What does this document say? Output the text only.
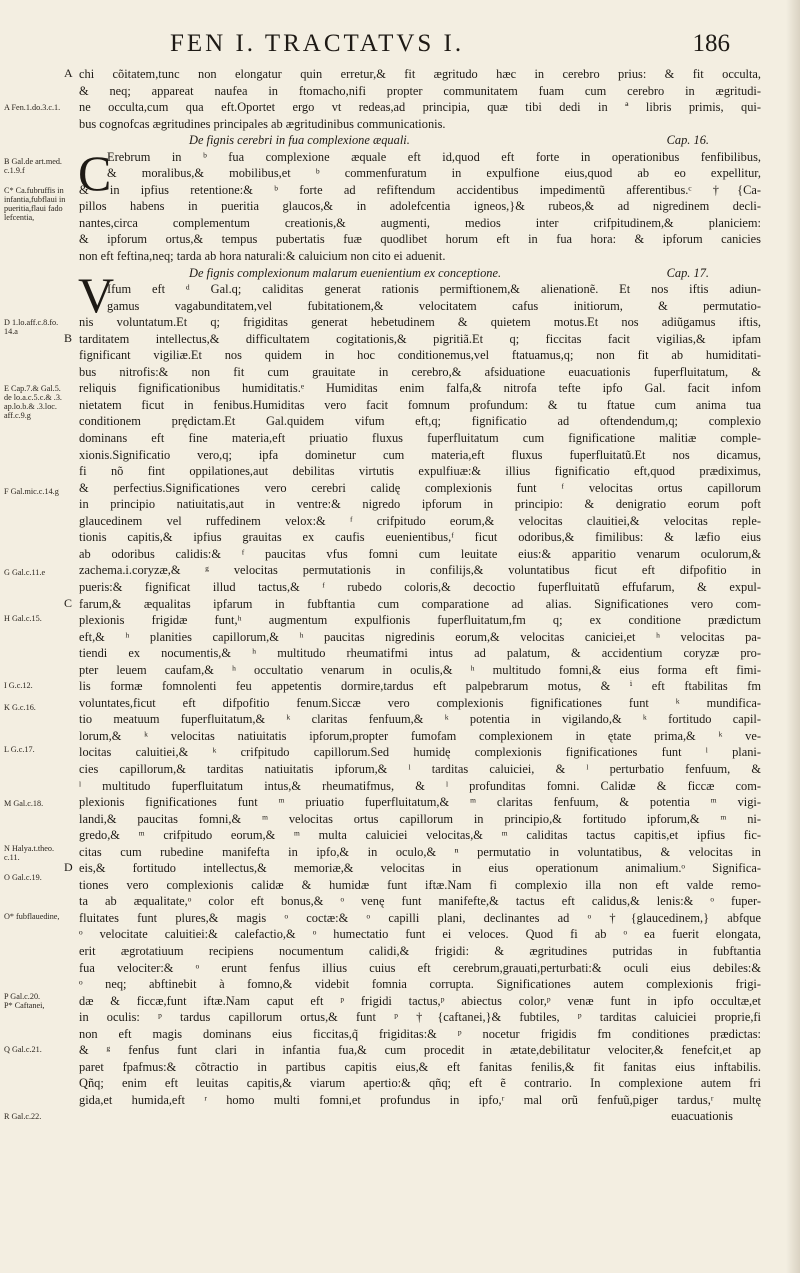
FEN I. TRACTATVS I.	186
A
B
C
D
A Fen.1.do.3.c.1.
B Gal.de art.med.
c.1.9.f
C* Ca.fubruffis in
infantia,fubflaui in
pueritia,flaui fado
lefcentia,
D 1.lo.aff.c.8.fo.
14.a
E Cap.7.& Gal.5.
de lo.a.c.5.c.& .3.
ap.lo.b.& .3.loc.
aff.c.9.g
F Gal.mic.c.14.g
G Gal.c.11.e
H Gal.c.15.
I G.c.12.
K G.c.16.
L G.c.17.
M Gal.c.18.
N Halya.t.theo.
c.11.
O Gal.c.19.
O* fubflauedine,
P Gal.c.20.
P* Caftanei,
Q Gal.c.21.
R Gal.c.22.
chi cõitatem,tunc non elongatur quin erretur,& fit ægritudo hæc in cerebro prius: & fit occulta,
& neq; appareat naufea in ftomacho,nifi propter communitatem fuam cum cerebro in ægritudi-
ne occulta,cum qua eft.Oportet ergo vt redeas,ad principia, quæ tibi dedi in ª libris primis, qui-
bus cognofcas ægritudines principales ab ægritudinibus communicationis.
De fignis cerebri in fua complexione æquali.	Cap. 16.
Erebrum in ᵇ fua complexione æquale eft id,quod eft forte in operationibus fenfibilibus,
& moralibus,& mobilibus,et ᵇ commenfuratum in expulfione eius,quod ab eo expellitur,
& in ipfius retentione:& ᵇ forte ad refiftendum accidentibus impedimentũ afferentibus.ᶜ †{Ca-
pillos habens in pueritia glaucos,& in adolefcentia igneos,}& rubeos,& ad nigredinem decli-
nantes,circa complementum creationis,& augmenti, medios inter crifpitudinem,& planiciem:
& ipforum ortus,& tempus pubertatis fuæ quodlibet horum eft in fua hora: & ipforum canicies
non eft feftina,neq; tarda ab hora naturali:& caluicium non cito ei aduenit.
De fignis complexionum malarum euenientium ex conceptione.	Cap. 17.
Ifum eft ᵈ Gal.q; caliditas generat rationis permiftionem,& alienationẽ. Et nos iftis adiun-
gamus vagabunditatem,vel fubitationem,& velocitatem cafus initiorum, & permutatio-
nis voluntatum.Et q; frigiditas generat hebetudinem & quietem motus.Et nos adiũgamus iftis,
tarditatem intellectus,& difficultatem cogitationis,& pigritiã.Et q; ficcitas facit vigilias,& ipfam
fignificant vigiliæ.Et nos quidem in hoc conditionemus,vel ftatuamus,q; non fit ab humiditati-
bus nitrofis:& non fit cum grauitate in cerebro,& afsiduatione euacuationis fuperfluitatum, &
reliquis fignificationibus humiditatis.ᵉ Humiditas enim falfa,& nitrofa tefte ipfo Gal. facit infom
nietatem ficut in fenibus.Humiditas vero facit fomnum profundum: & tu ftatue cum anima tua
conditionem prędictam.Et Gal.quidem vifum eft,q; fignificatio ad oftendendum,q; complexio
dominans eft fine materia,eft priuatio fluxus fuperfluitatum cum fignificatione malitiæ comple-
xionis.Significatio vero,q; ipfa dominetur cum materia,eft fluxus fuperfluitatũ.Et nos dicamus,
fi nõ fint oppilationes,aut debilitas virtutis expulfiuæ:& illius fignificatio eft,quod prædiximus,
& perfectius.Significationes vero cerebri calidę complexionis funt ᶠ velocitas ortus capillorum
in principio natiuitatis,aut in ventre:& nigredo ipforum in principio: & denigratio eorum poft
glaucedinem vel ruffedinem velox:& ᶠ crifpitudo eorum,& velocitas clauitiei,& velocitas reple-
tionis capitis,& ipfius grauitas ex caufis euenientibus,ᶠ ficut odoribus,& fimilibus: & læfio eius
ab odoribus calidis:& ᶠ paucitas vfus fomni cum leuitate eius:& apparitio venarum oculorum,&
zachema.i.coryzæ,& ᵍ velocitas permutationis in confilijs,& voluntatibus ficut eft difpofitio in
pueris:& fignificat illud tactus,& ᶠ rubedo coloris,& decoctio fuperfluitatũ effufarum, & expul-
farum,& æqualitas ipfarum in fubftantia cum comparatione ad alias. Significationes vero com-
plexionis frigidæ funt,ʰ augmentum expulfionis fuperfluitatum,fm q; ex conditione prædictum
eft,& ʰ planities capillorum,& ʰ paucitas nigredinis eorum,& velocitas caniciei,et ʰ velocitas pa-
tiendi ex nocumentis,& ʰ multitudo rheumatifmi intus ad palatum, & accidentium coryzæ pro-
pter leuem caufam,& ʰ occultatio venarum in oculis,& ʰ multitudo fomni,& eius forma eft fimi-
lis formæ fomnolenti feu appetentis dormire,tardus eft palpebrarum motus, & ⁱ eft ftabilitas fm
voluntates,ficut eft difpofitio fenum.Siccæ vero complexionis fignificationes funt ᵏ mundifica-
tio meatuum fuperfluitatum,& ᵏ claritas fenfuum,& ᵏ potentia in vigilando,& ᵏ fortitudo capil-
lorum,& ᵏ velocitas natiuitatis ipforum,propter fumofam complexionem in ętate prima,& ᵏ ve-
locitas caluitiei,& ᵏ crifpitudo capillorum.Sed humidę complexionis fignificationes funt ˡ plani-
cies capillorum,& tarditas natiuitatis ipforum,& ˡ tarditas caluiciei, & ˡ perturbatio fenfuum, &
ˡ multitudo fuperfluitatum intus,& rheumatifmus, & ˡ profunditas fomni. Calidæ & ficcæ com-
plexionis fignificationes funt ᵐ priuatio fuperfluitatum,& ᵐ claritas fenfuum, & potentia ᵐ vigi-
landi,& paucitas fomni,& ᵐ velocitas ortus capillorum in principio,& fortitudo ipforum,& ᵐ ni-
gredo,& ᵐ crifpitudo eorum,& ᵐ multa caluiciei velocitas,& ᵐ caliditas tactus capitis,et ipfius fic-
citas cum rubedine manifefta in ipfo,& in oculo,& ⁿ permutatio in voluntatibus, & velocitas in
eis,& fortitudo intellectus,& memoriæ,& velocitas in eius operationum animalium.ᵒ Significa-
tiones vero complexionis calidæ & humidæ funt iftæ.Nam fi complexio illa non eft valde remo-
ta ab æqualitate,ᵒ color eft bonus,& ᵒ venę funt manifefte,& tactus eft calidus,& lenis:& ᵒ fuper-
fluitates funt plures,& magis ᵒ coctæ:& ᵒ capilli plani, declinantes ad ᵒ †{glaucedinem,} abfque
ᵒ velocitate caluitiei:& calefactio,& ᵒ humectatio funt ei veloces. Quod fi ab ᵒ ea fuerit elongata,
erit ægrotatiuum recipiens nocumentum calidi,& frigidi: & ægritudines putridas in fubftantia
fua velociter:& ᵒ erunt fenfus illius cuius eft cerebrum,grauati,perturbati:& oculi eius debiles:&
ᵒ neq; abftinebit à fomno,& videbit fomnia corrupta. Significationes autem complexionis frigi-
dæ & ficcæ,funt iftæ.Nam caput eft ᵖ frigidi tactus,ᵖ abiectus color,ᵖ venæ funt in ipfo occultæ,et
in oculis: ᵖ tardus capillorum ortus,& funt ᵖ †{caftanei,}& fubtiles, ᵖ tarditas caluiciei proprie,fi
non eft magis dominans eius ficcitas,q̃ frigiditas:& ᵖ nocetur frigidis fm conditiones prædictas:
& ᵍ fenfus funt clari in infantia fua,& cum procedit in ætate,debilitatur velociter,& fenefcit,et ap
paret fpafmus:& cõtractio in partibus capitis eius,& eft fanitas fenilis,& fit fanitas eius inftabilis.
Qñq; enim eft leuitas capitis,& viarum apertio:& qñq; eft ẽ contrario. In complexione autem fri
gida,et humida,eft ʳ homo multi fomni,et profundus in ipfo,ʳ mal orũ fenfuũ,piger tardus,ʳ multę
euacuationis
C
V
